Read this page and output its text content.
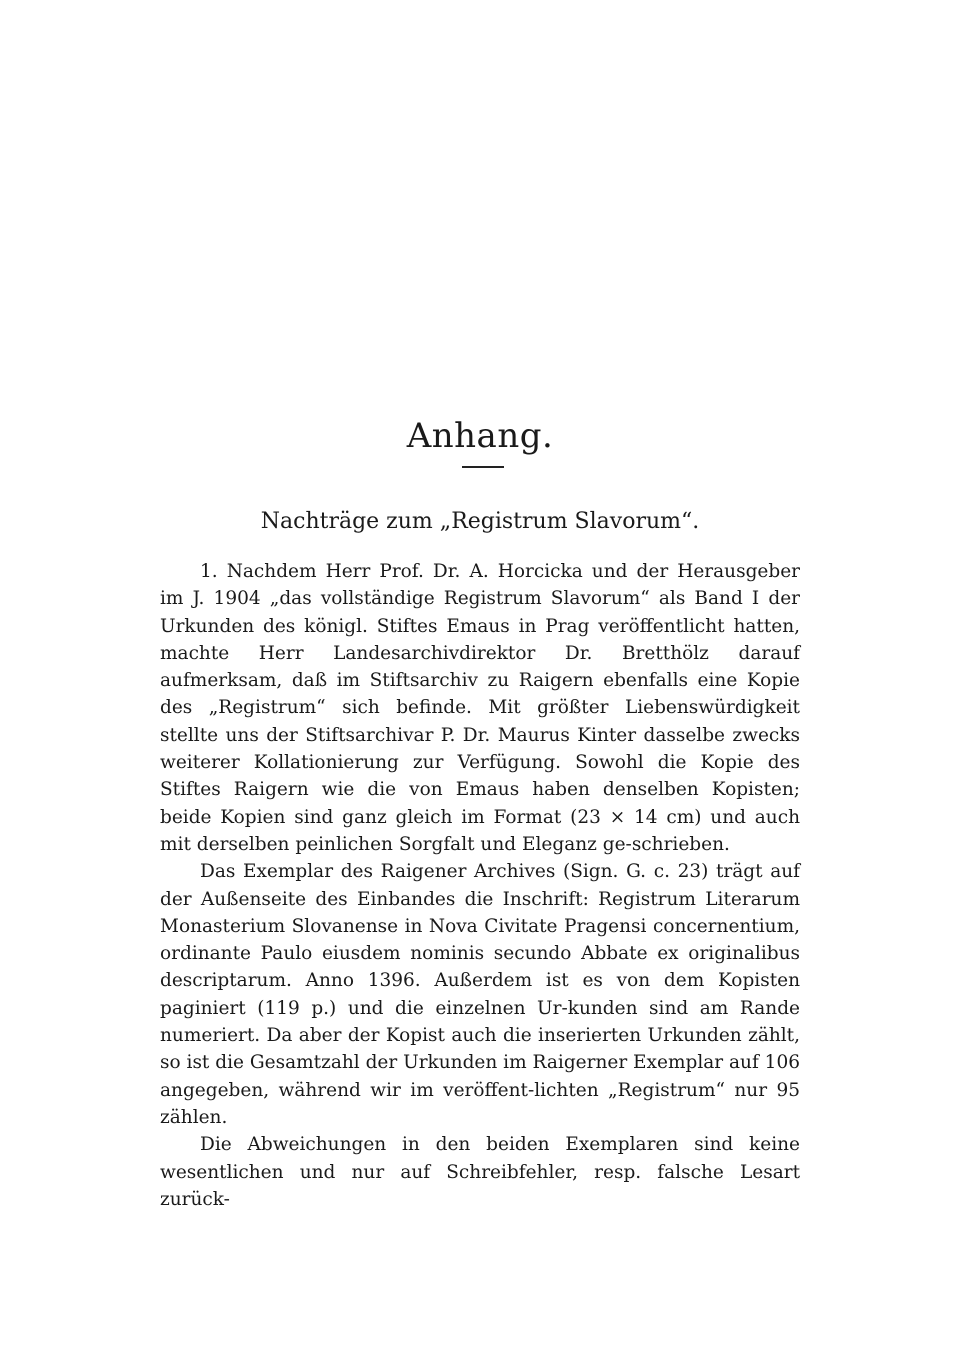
Anhang.
Nachträge zum „Registrum Slavorum“.

1. Nachdem Herr Prof. Dr. A. Horcicka und der Herausgeber im J. 1904 „das vollständige Registrum Slavorum“ als Band I der Urkunden des königl. Stiftes Emaus in Prag veröffentlicht hatten, machte Herr Landesarchivdirektor Dr. Bretthölz darauf aufmerksam, daß im Stiftsarchiv zu Raigern ebenfalls eine Kopie des „Registrum“ sich befinde. Mit größter Liebenswürdigkeit stellte uns der Stiftsarchivar P. Dr. Maurus Kinter dasselbe zwecks weiterer Kollationierung zur Verfügung. Sowohl die Kopie des Stiftes Raigern wie die von Emaus haben denselben Kopisten; beide Kopien sind ganz gleich im Format (23 × 14 cm) und auch mit derselben peinlichen Sorgfalt und Eleganz ge-schrieben.

Das Exemplar des Raigener Archives (Sign. G. c. 23) trägt auf der Außenseite des Einbandes die Inschrift: Registrum Literarum Monasterium Slovanense in Nova Civitate Pragensi concernentium, ordinante Paulo eiusdem nominis secundo Abbate ex originalibus descriptarum. Anno 1396. Außerdem ist es von dem Kopisten paginiert (119 p.) und die einzelnen Ur-kunden sind am Rande numeriert. Da aber der Kopist auch die inserierten Urkunden zählt, so ist die Gesamtzahl der Urkunden im Raigerner Exemplar auf 106 angegeben, während wir im veröffent-lichten „Registrum“ nur 95 zählen.

Die Abweichungen in den beiden Exemplaren sind keine wesentlichen und nur auf Schreibfehler, resp. falsche Lesart zurück-
